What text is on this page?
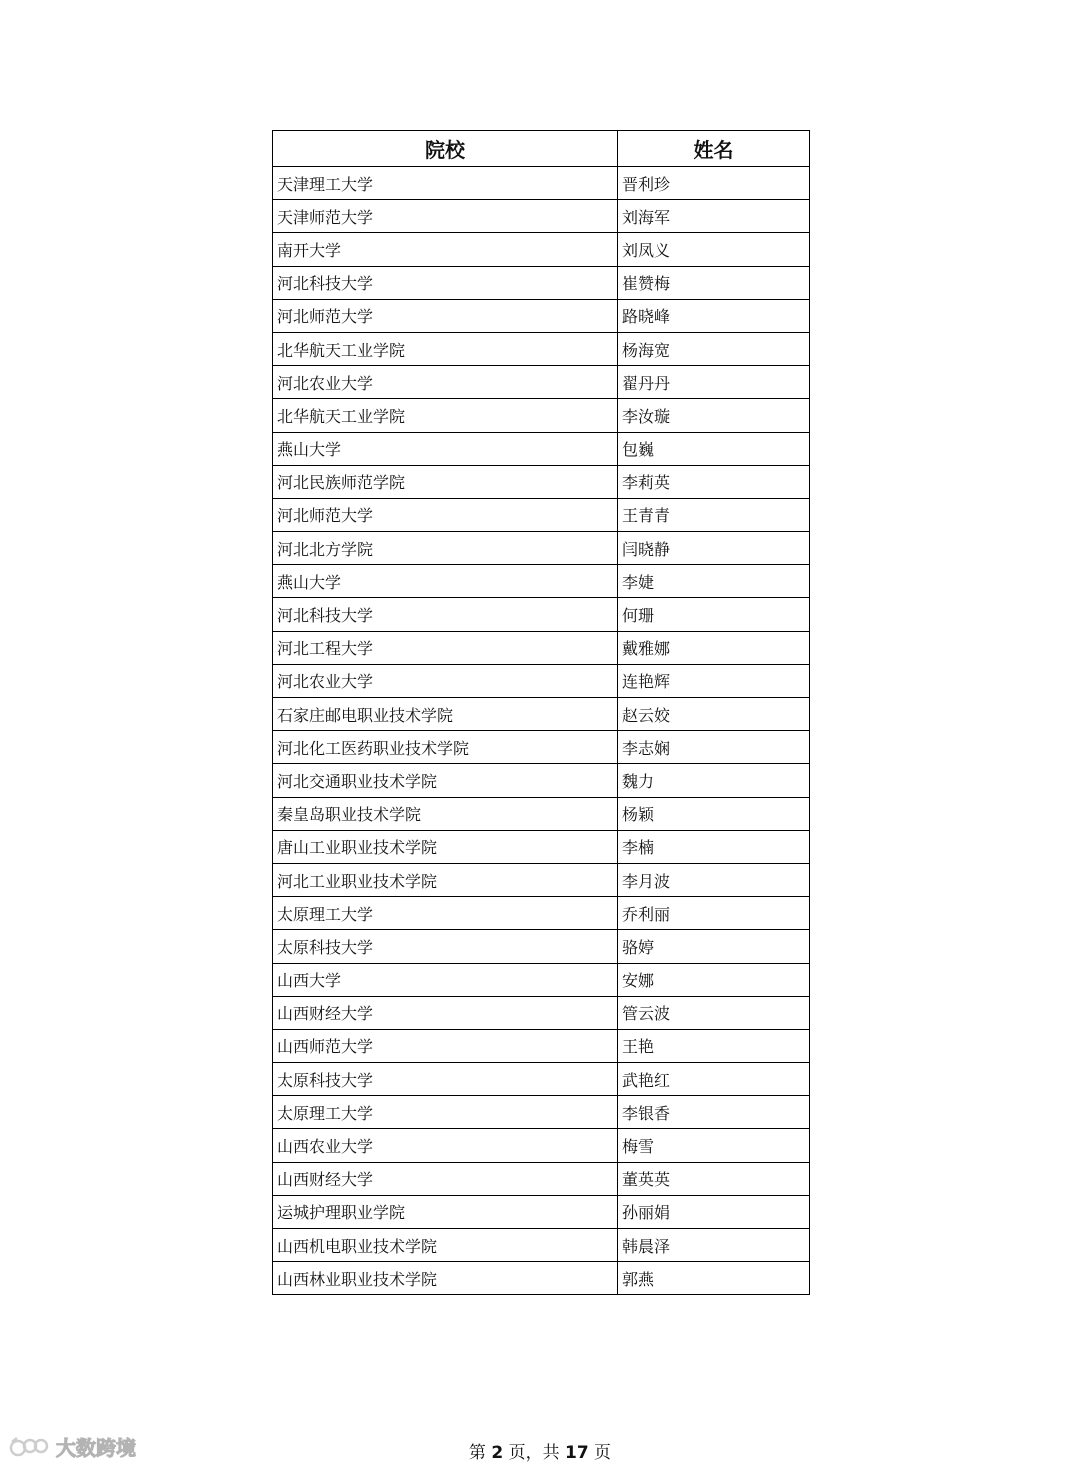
院校	姓名
天津理工大学	晋利珍
天津师范大学	刘海军
南开大学	刘凤义
河北科技大学	崔赞梅
河北师范大学	路晓峰
北华航天工业学院	杨海宽
河北农业大学	翟丹丹
北华航天工业学院	李汝璇
燕山大学	包巍
河北民族师范学院	李莉英
河北师范大学	王青青
河北北方学院	闫晓静
燕山大学	李婕
河北科技大学	何珊
河北工程大学	戴雅娜
河北农业大学	连艳辉
石家庄邮电职业技术学院	赵云姣
河北化工医药职业技术学院	李志娴
河北交通职业技术学院	魏力
秦皇岛职业技术学院	杨颖
唐山工业职业技术学院	李楠
河北工业职业技术学院	李月波
太原理工大学	乔利丽
太原科技大学	骆婷
山西大学	安娜
山西财经大学	管云波
山西师范大学	王艳
太原科技大学	武艳红
太原理工大学	李银香
山西农业大学	梅雪
山西财经大学	董英英
运城护理职业学院	孙丽娟
山西机电职业技术学院	韩晨泽
山西林业职业技术学院	郭燕
第 2 页，共 17 页
大数跨境
